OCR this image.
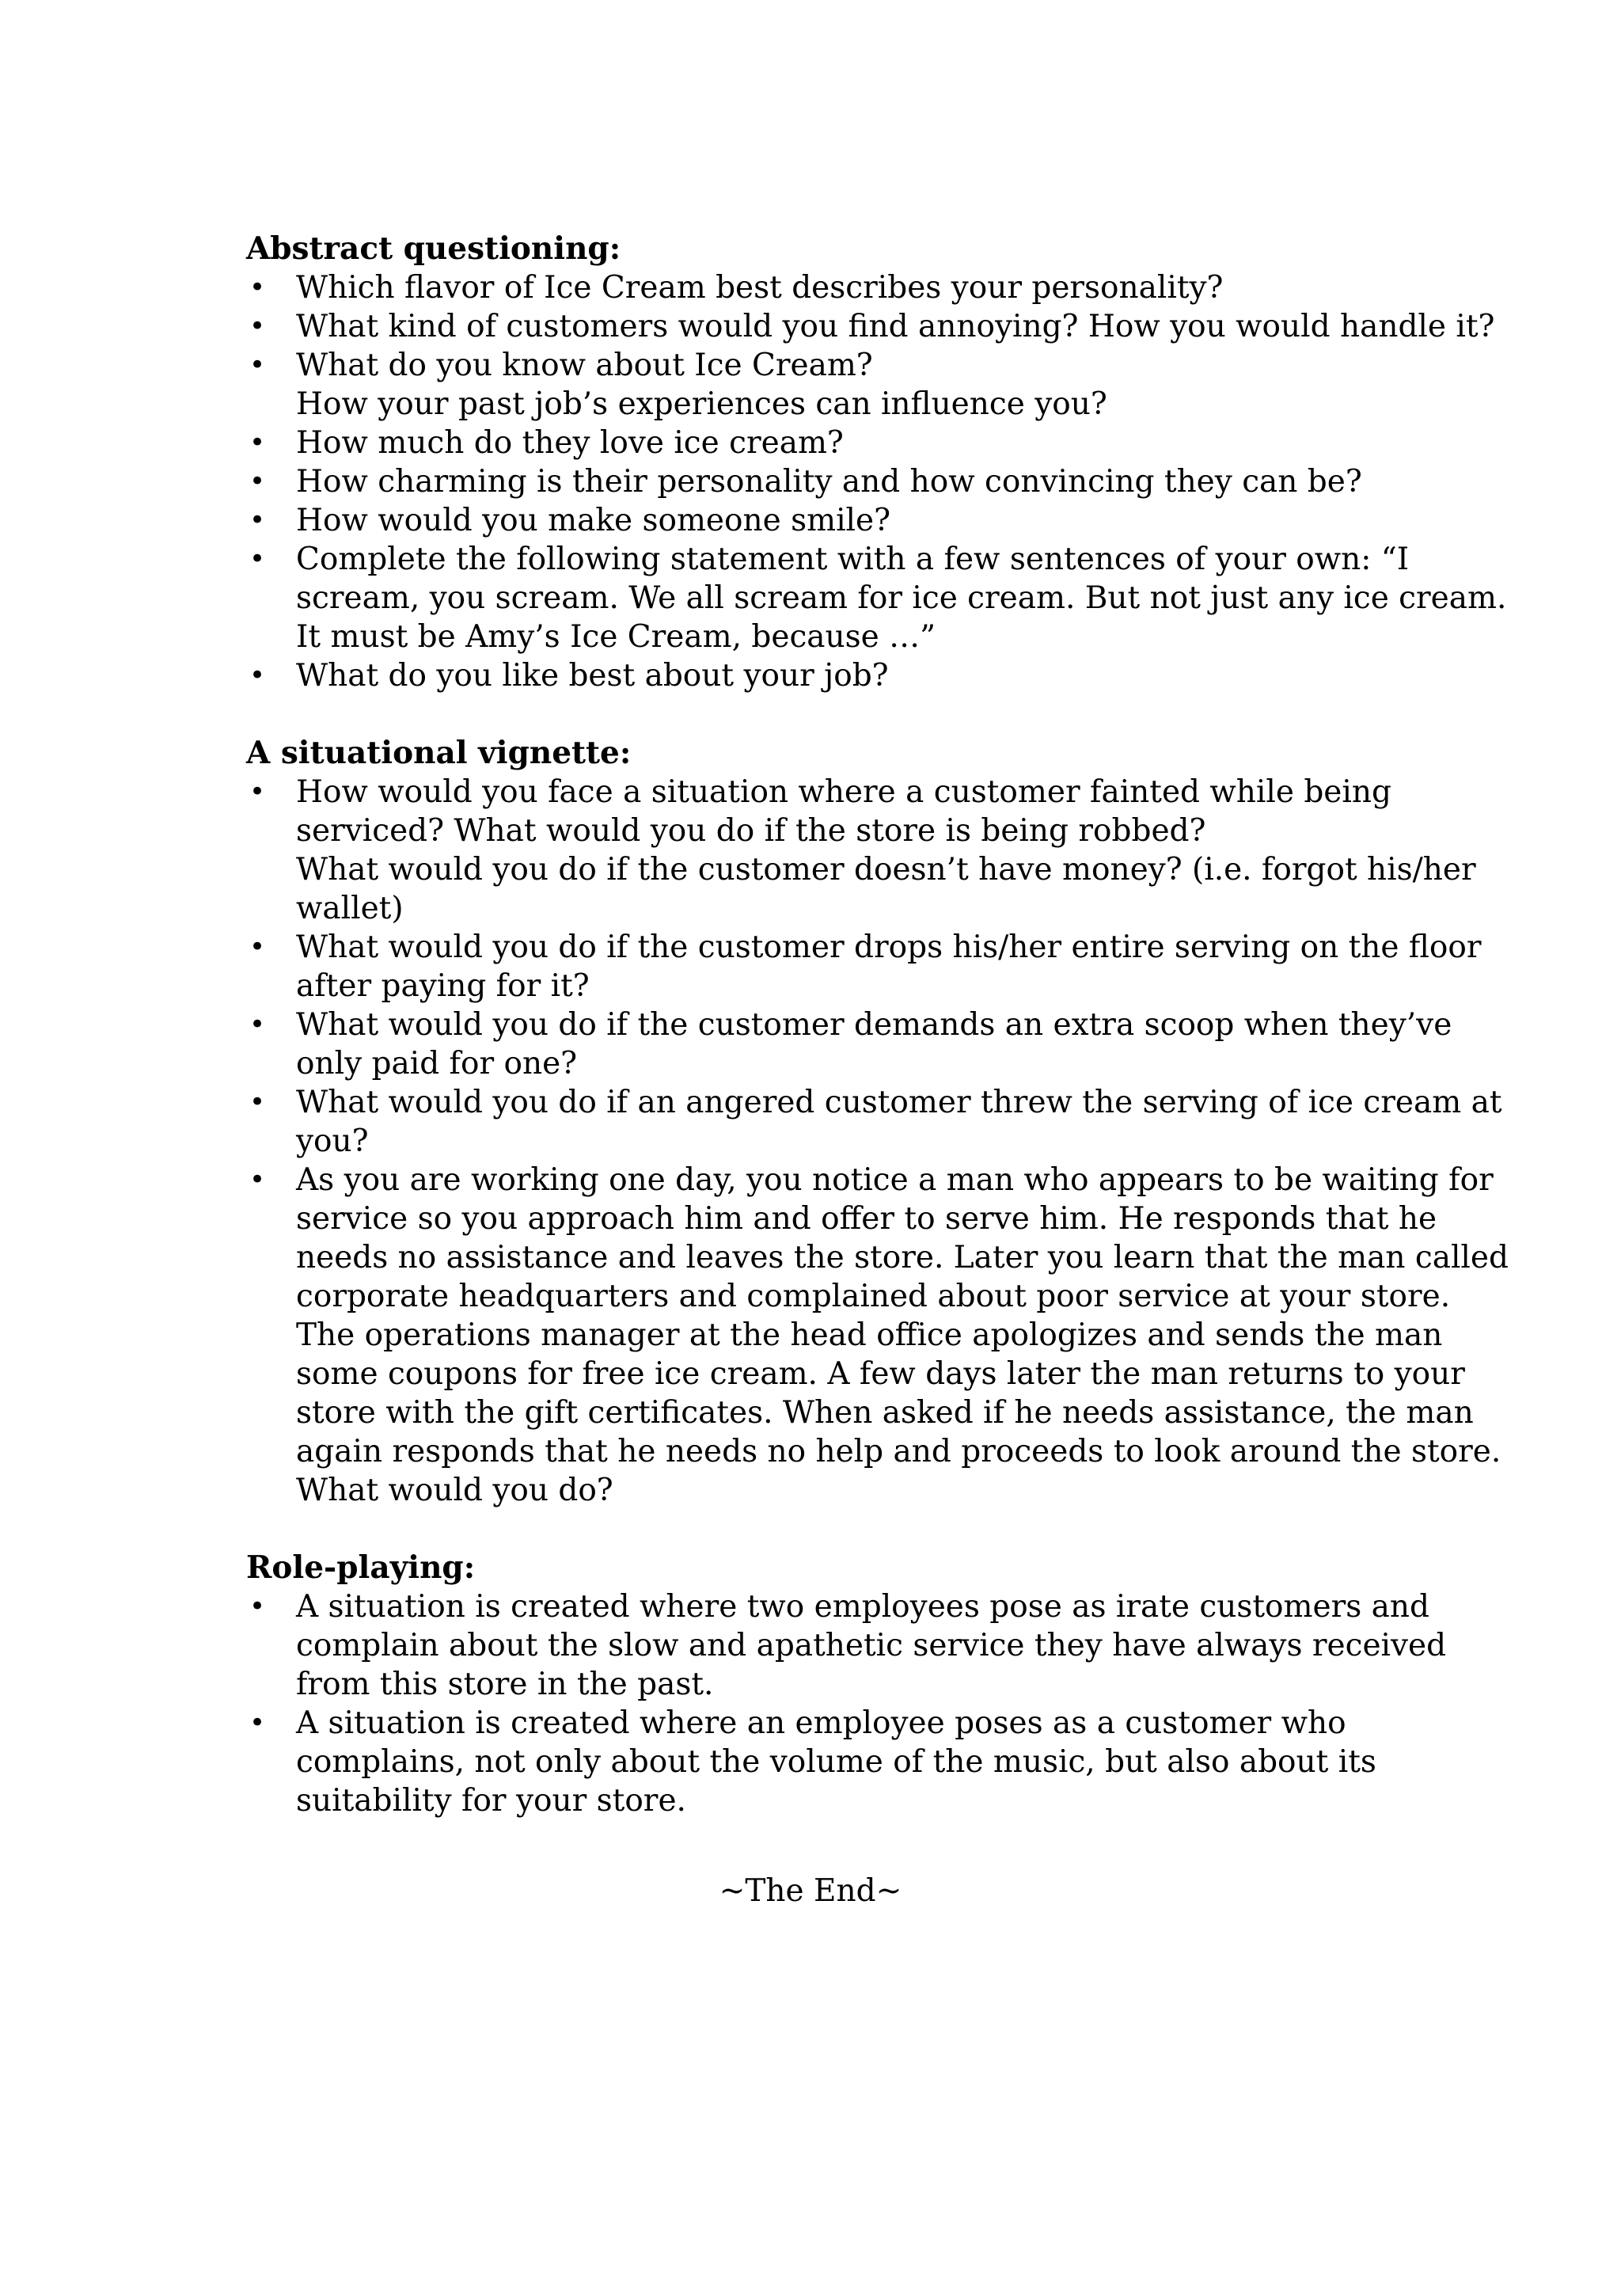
Abstract questioning:
• Which flavor of Ice Cream best describes your personality?
• What kind of customers would you find annoying? How you would handle it?
• What do you know about Ice Cream?
How your past job’s experiences can influence you?
• How much do they love ice cream?
• How charming is their personality and how convincing they can be?
• How would you make someone smile?
• Complete the following statement with a few sentences of your own: “I
scream, you scream. We all scream for ice cream. But not just any ice cream.
It must be Amy’s Ice Cream, because …”
• What do you like best about your job?
A situational vignette:
• How would you face a situation where a customer fainted while being
serviced? What would you do if the store is being robbed?
What would you do if the customer doesn’t have money? (i.e. forgot his/her
wallet)
• What would you do if the customer drops his/her entire serving on the floor
after paying for it?
• What would you do if the customer demands an extra scoop when they’ve
only paid for one?
• What would you do if an angered customer threw the serving of ice cream at
you?
• As you are working one day, you notice a man who appears to be waiting for
service so you approach him and offer to serve him. He responds that he
needs no assistance and leaves the store. Later you learn that the man called
corporate headquarters and complained about poor service at your store.
The operations manager at the head office apologizes and sends the man
some coupons for free ice cream. A few days later the man returns to your
store with the gift certificates. When asked if he needs assistance, the man
again responds that he needs no help and proceeds to look around the store.
What would you do?
Role-playing:
• A situation is created where two employees pose as irate customers and
complain about the slow and apathetic service they have always received
from this store in the past.
• A situation is created where an employee poses as a customer who
complains, not only about the volume of the music, but also about its
suitability for your store.
~The End~
